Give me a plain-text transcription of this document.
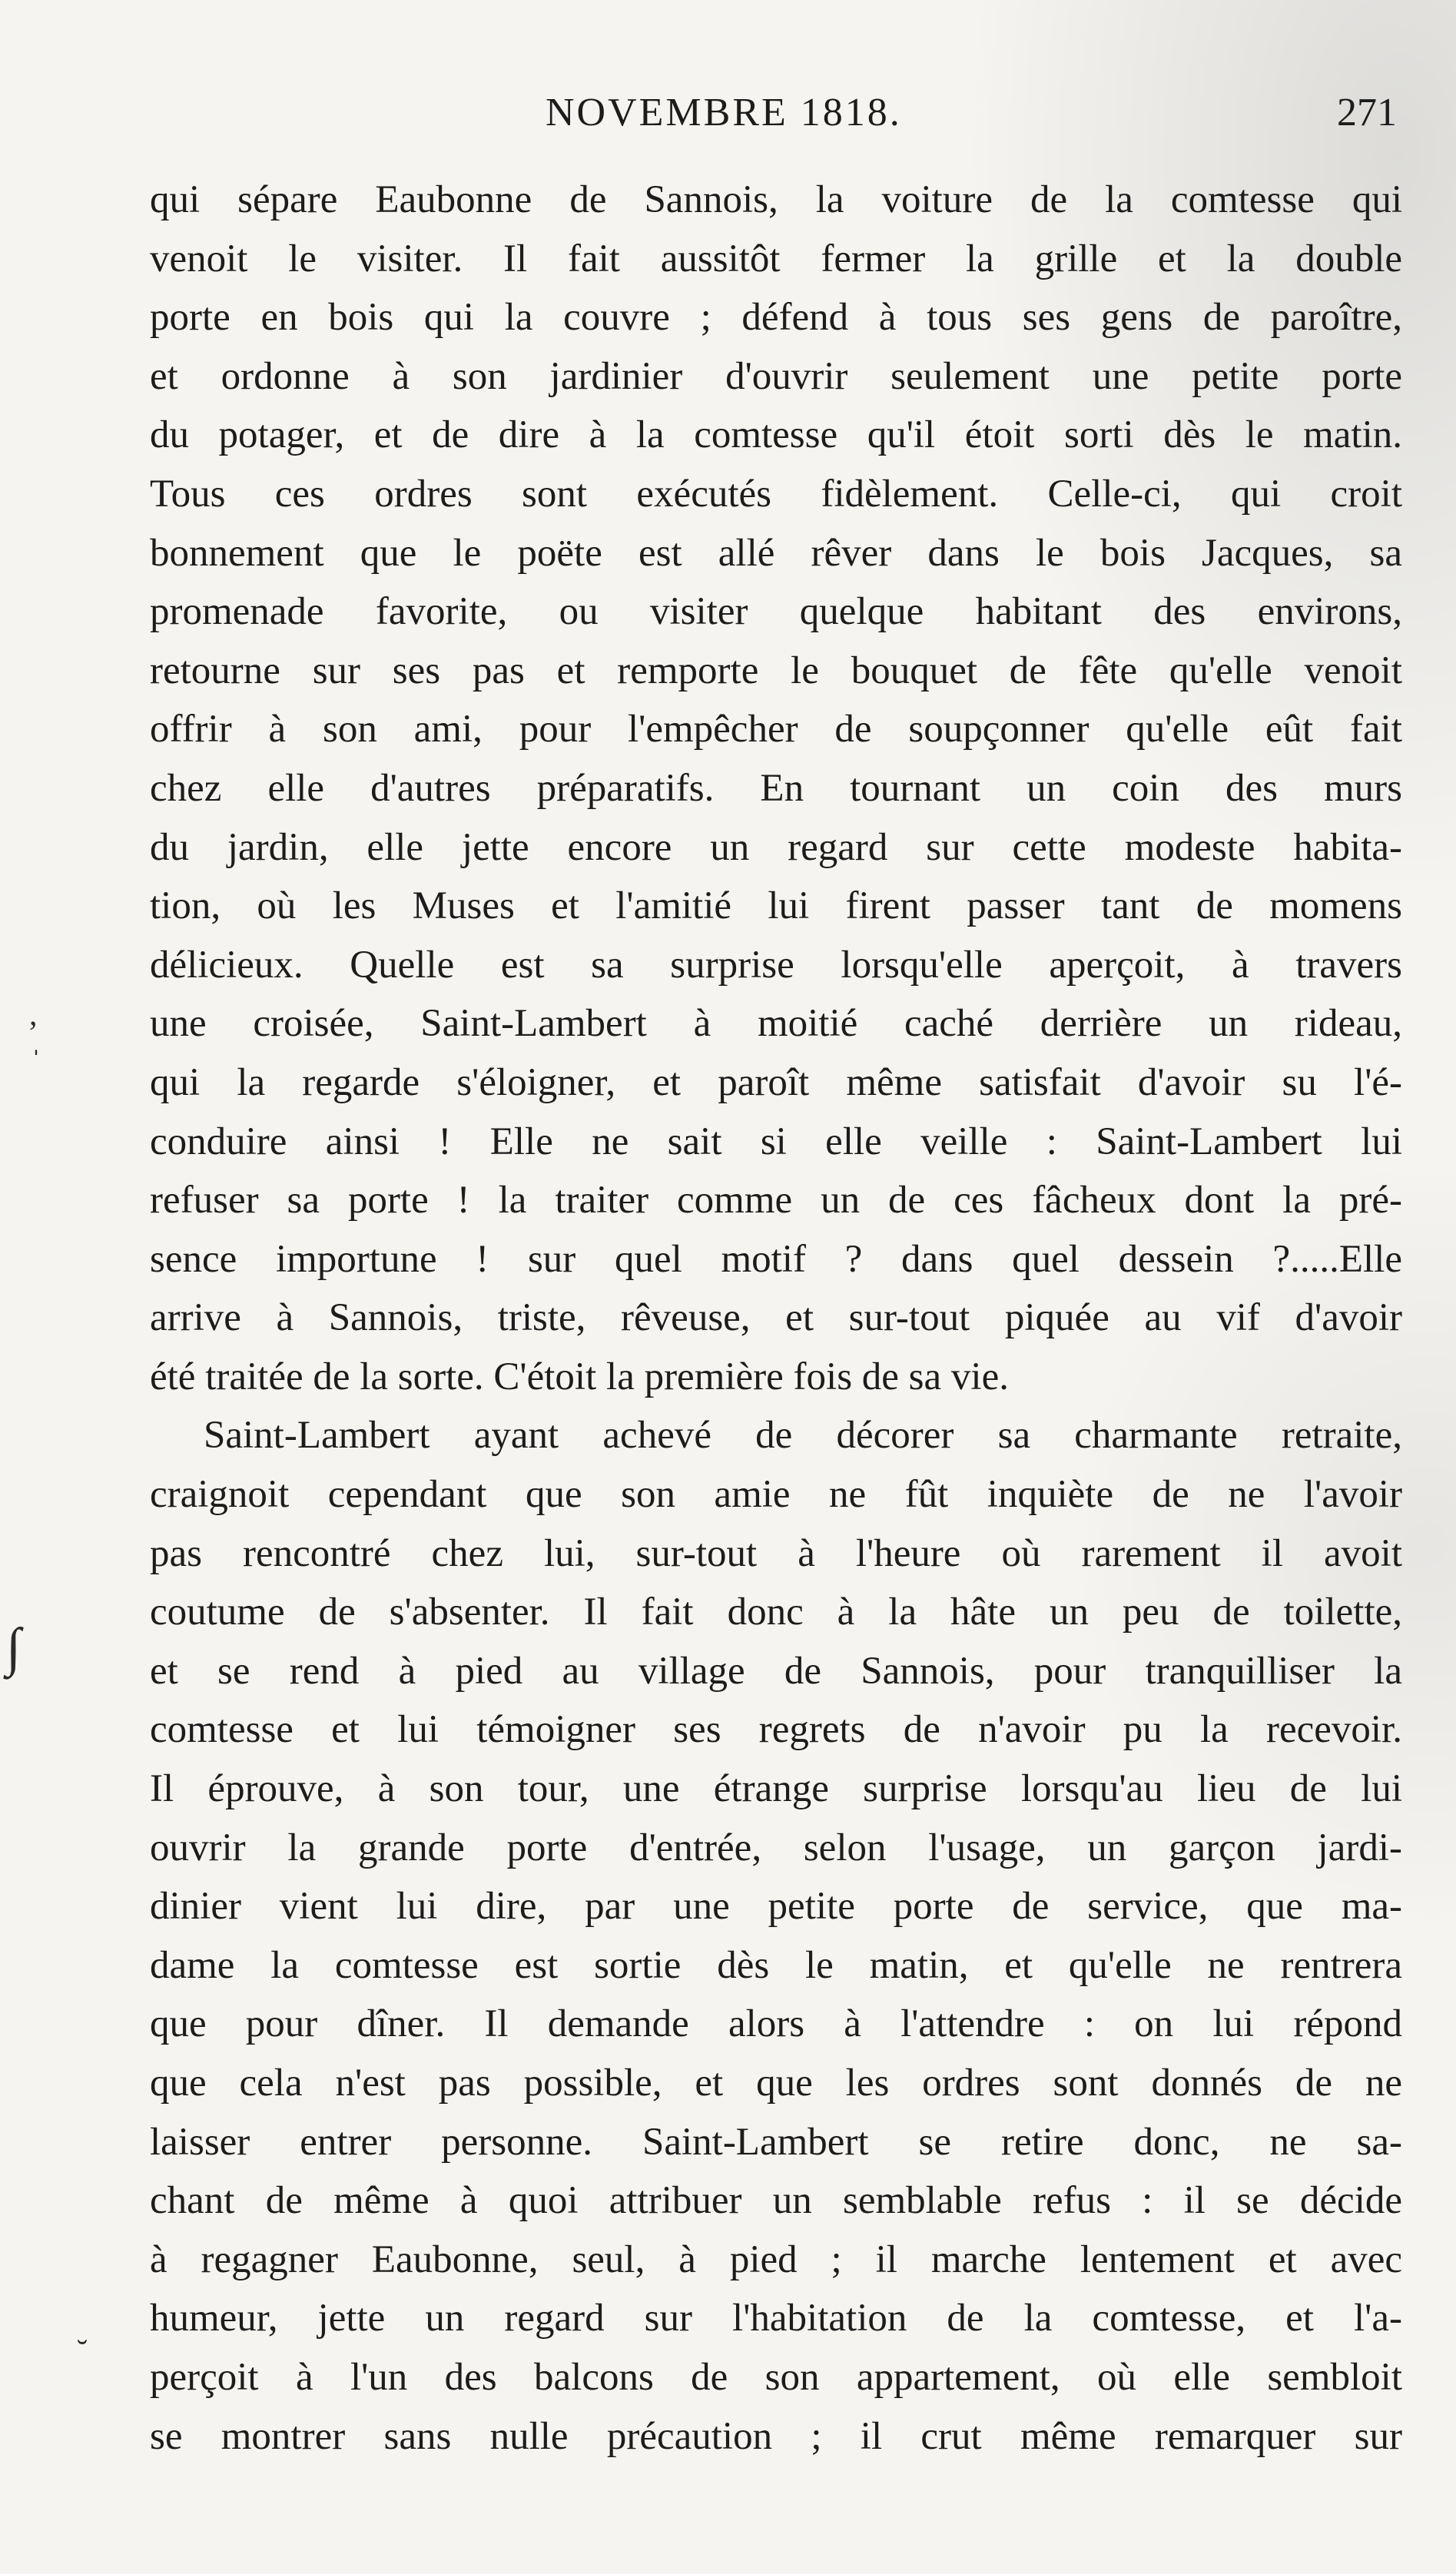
NOVEMBRE 1818.	271
qui sépare Eaubonne de Sannois, la voiture de la comtesse qui
venoit le visiter. Il fait aussitôt fermer la grille et la double
porte en bois qui la couvre ; défend à tous ses gens de paroître,
et ordonne à son jardinier d'ouvrir seulement une petite porte
du potager, et de dire à la comtesse qu'il étoit sorti dès le matin.
Tous ces ordres sont exécutés fidèlement. Celle-ci, qui croit
bonnement que le poëte est allé rêver dans le bois Jacques, sa
promenade favorite, ou visiter quelque habitant des environs,
retourne sur ses pas et remporte le bouquet de fête qu'elle venoit
offrir à son ami, pour l'empêcher de soupçonner qu'elle eût fait
chez elle d'autres préparatifs. En tournant un coin des murs
du jardin, elle jette encore un regard sur cette modeste habita-
tion, où les Muses et l'amitié lui firent passer tant de momens
délicieux. Quelle est sa surprise lorsqu'elle aperçoit, à travers
une croisée, Saint-Lambert à moitié caché derrière un rideau,
qui la regarde s'éloigner, et paroît même satisfait d'avoir su l'é-
conduire ainsi ! Elle ne sait si elle veille : Saint-Lambert lui
refuser sa porte ! la traiter comme un de ces fâcheux dont la pré-
sence importune ! sur quel motif ? dans quel dessein ?.....Elle
arrive à Sannois, triste, rêveuse, et sur-tout piquée au vif d'avoir
été traitée de la sorte. C'étoit la première fois de sa vie.
Saint-Lambert ayant achevé de décorer sa charmante retraite,
craignoit cependant que son amie ne fût inquiète de ne l'avoir
pas rencontré chez lui, sur-tout à l'heure où rarement il avoit
coutume de s'absenter. Il fait donc à la hâte un peu de toilette,
et se rend à pied au village de Sannois, pour tranquilliser la
comtesse et lui témoigner ses regrets de n'avoir pu la recevoir.
Il éprouve, à son tour, une étrange surprise lorsqu'au lieu de lui
ouvrir la grande porte d'entrée, selon l'usage, un garçon jardi-
dinier vient lui dire, par une petite porte de service, que ma-
dame la comtesse est sortie dès le matin, et qu'elle ne rentrera
que pour dîner. Il demande alors à l'attendre : on lui répond
que cela n'est pas possible, et que les ordres sont donnés de ne
laisser entrer personne. Saint-Lambert se retire donc, ne sa-
chant de même à quoi attribuer un semblable refus : il se décide
à regagner Eaubonne, seul, à pied ; il marche lentement et avec
humeur, jette un regard sur l'habitation de la comtesse, et l'a-
perçoit à l'un des balcons de son appartement, où elle sembloit
se montrer sans nulle précaution ; il crut même remarquer sur
,
ˌ
∫
˘
